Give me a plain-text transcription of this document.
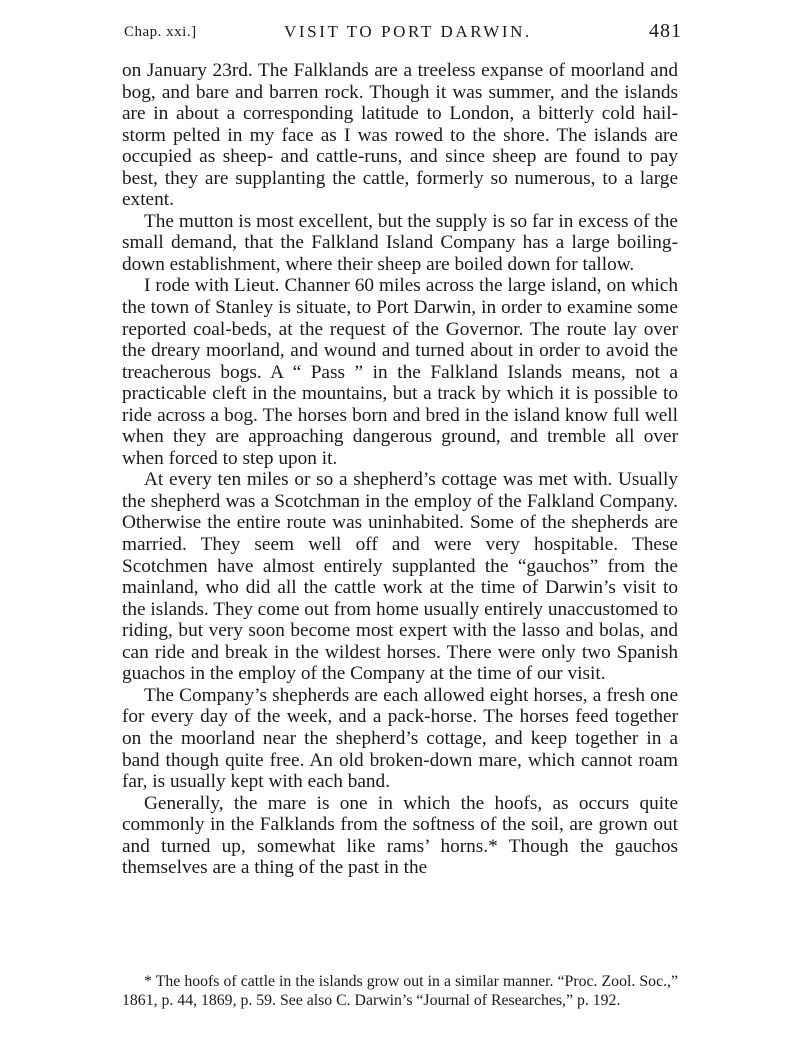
Chap. xxi.]	VISIT TO PORT DARWIN.	481

on January 23rd. The Falklands are a treeless expanse of moorland and bog, and bare and barren rock. Though it was summer, and the islands are in about a corresponding latitude to London, a bitterly cold hail-storm pelted in my face as I was rowed to the shore. The islands are occupied as sheep- and cattle-runs, and since sheep are found to pay best, they are supplanting the cattle, formerly so numerous, to a large extent.

The mutton is most excellent, but the supply is so far in excess of the small demand, that the Falkland Island Company has a large boiling-down establishment, where their sheep are boiled down for tallow.

I rode with Lieut. Channer 60 miles across the large island, on which the town of Stanley is situate, to Port Darwin, in order to examine some reported coal-beds, at the request of the Governor. The route lay over the dreary moorland, and wound and turned about in order to avoid the treacherous bogs. A “ Pass ” in the Falkland Islands means, not a practicable cleft in the mountains, but a track by which it is possible to ride across a bog. The horses born and bred in the island know full well when they are approaching dangerous ground, and tremble all over when forced to step upon it.

At every ten miles or so a shepherd’s cottage was met with. Usually the shepherd was a Scotchman in the employ of the Falkland Company. Otherwise the entire route was uninhabited. Some of the shepherds are married. They seem well off and were very hospitable. These Scotchmen have almost entirely supplanted the “gauchos” from the mainland, who did all the cattle work at the time of Darwin’s visit to the islands. They come out from home usually entirely unaccustomed to riding, but very soon become most expert with the lasso and bolas, and can ride and break in the wildest horses. There were only two Spanish guachos in the employ of the Company at the time of our visit.

The Company’s shepherds are each allowed eight horses, a fresh one for every day of the week, and a pack-horse. The horses feed together on the moorland near the shepherd’s cottage, and keep together in a band though quite free. An old broken-down mare, which cannot roam far, is usually kept with each band.

Generally, the mare is one in which the hoofs, as occurs quite commonly in the Falklands from the softness of the soil, are grown out and turned up, somewhat like rams’ horns.* Though the gauchos themselves are a thing of the past in the

* The hoofs of cattle in the islands grow out in a similar manner. “Proc. Zool. Soc.,” 1861, p. 44, 1869, p. 59. See also C. Darwin’s “Journal of Researches,” p. 192.
